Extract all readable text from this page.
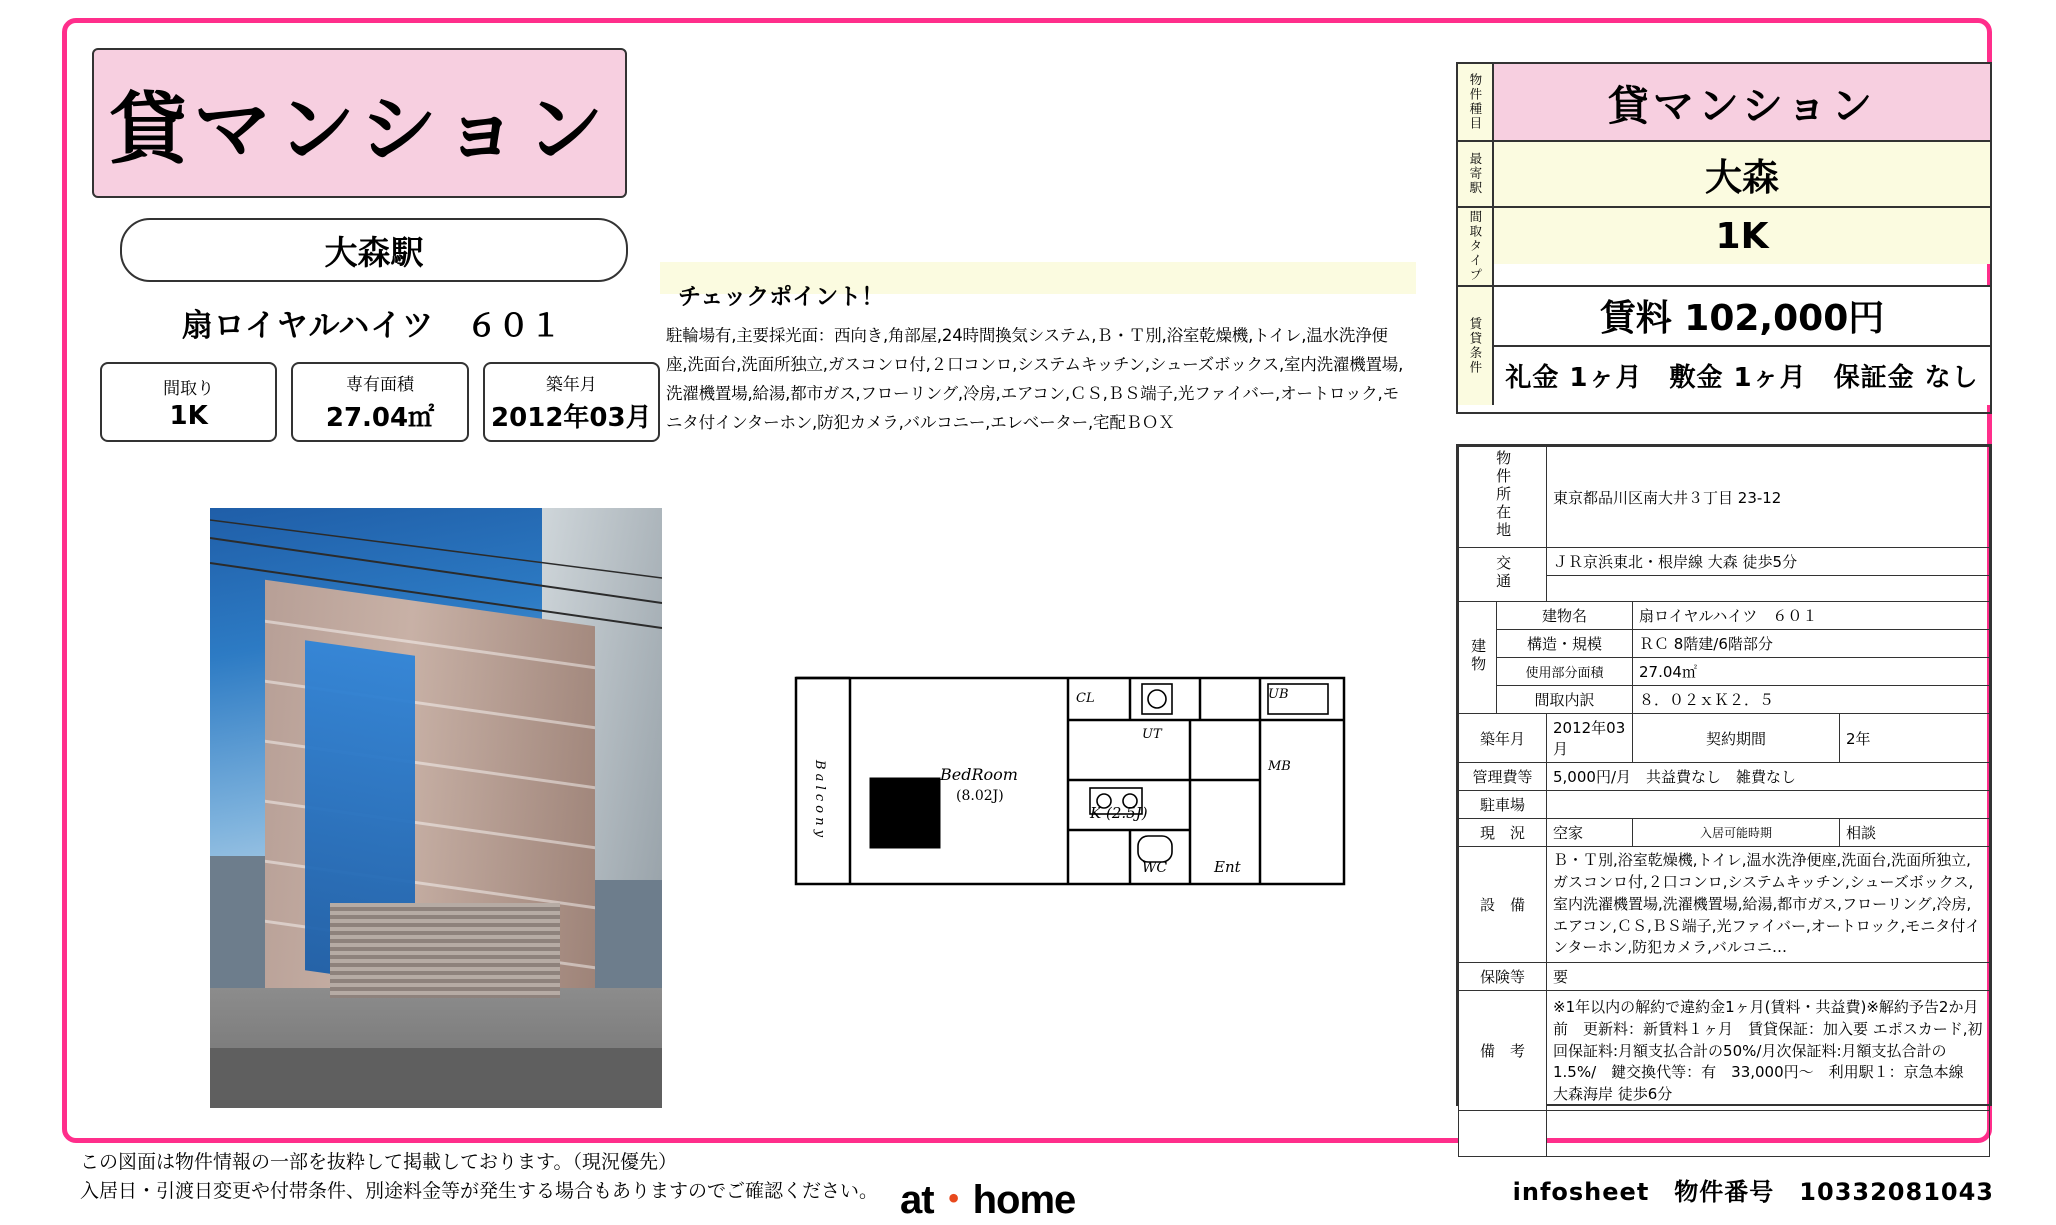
貸マンション
大森駅
扇ロイヤルハイツ　６０１
間取り
1K
専有面積
27.04㎡
築年月
2012年03月
チェックポイント！
駐輪場有,主要採光面：西向き,角部屋,24時間換気システム,Ｂ・Ｔ別,浴室乾燥機,トイレ,温水洗浄便座,洗面台,洗面所独立,ガスコンロ付,２口コンロ,システムキッチン,シューズボックス,室内洗濯機置場,洗濯機置場,給湯,都市ガス,フローリング,冷房,エアコン,ＣＳ,ＢＳ端子,光ファイバー,オートロック,モニタ付インターホン,防犯カメラ,バルコニー,エレベーター,宅配ＢＯＸ
B a l c o n y	BedRoom
(8.02J)
K (2.5J)
WC	Ent
CL
UT
UB
MB
物件種目	貸マンション
最寄駅	大森
間取タイプ	1K
賃貸条件	賃料 102,000円
礼金 1ヶ月　敷金 1ヶ月　保証金 なし
物件所在地		東京都品川区南大井３丁目 23-12		
交通		ＪＲ京浜東北・根岸線 大森 徒歩5分		

建物	建物名		扇ロイヤルハイツ　６０１	
	構造・規模		ＲＣ 8階建/6階部分	
	使用部分面積		27.04㎡	
	間取内訳		８．０２ｘＫ２．５	
築年月		2012年03月	契約期間	2年
管理費等		5,000円/月　共益費なし　雑費なし		
駐車場				
現　況		空家	入居可能時期	相談
設　備		Ｂ・Ｔ別,浴室乾燥機,トイレ,温水洗浄便座,洗面台,洗面所独立,ガスコンロ付,２口コンロ,システムキッチン,シューズボックス,室内洗濯機置場,洗濯機置場,給湯,都市ガス,フローリング,冷房,エアコン,ＣＳ,ＢＳ端子,光ファイバー,オートロック,モニタ付インターホン,防犯カメラ,バルコニ…		
保険等		要		
備　考		※1年以内の解約で違約金1ヶ月(賃料・共益費)※解約予告2か月前　更新料：新賃料１ヶ月　賃貸保証：加入要 エポスカード,初回保証料:月額支払合計の50%/月次保証料:月額支払合計の1.5%/　鍵交換代等：有　33,000円〜　利用駅１：京急本線 大森海岸 徒歩6分		

この図面は物件情報の一部を抜粋して掲載しております。（現況優先）
入居日・引渡日変更や付帯条件、別途料金等が発生する場合もありますのでご確認ください。 at・home	infosheet　物件番号　10332081043
